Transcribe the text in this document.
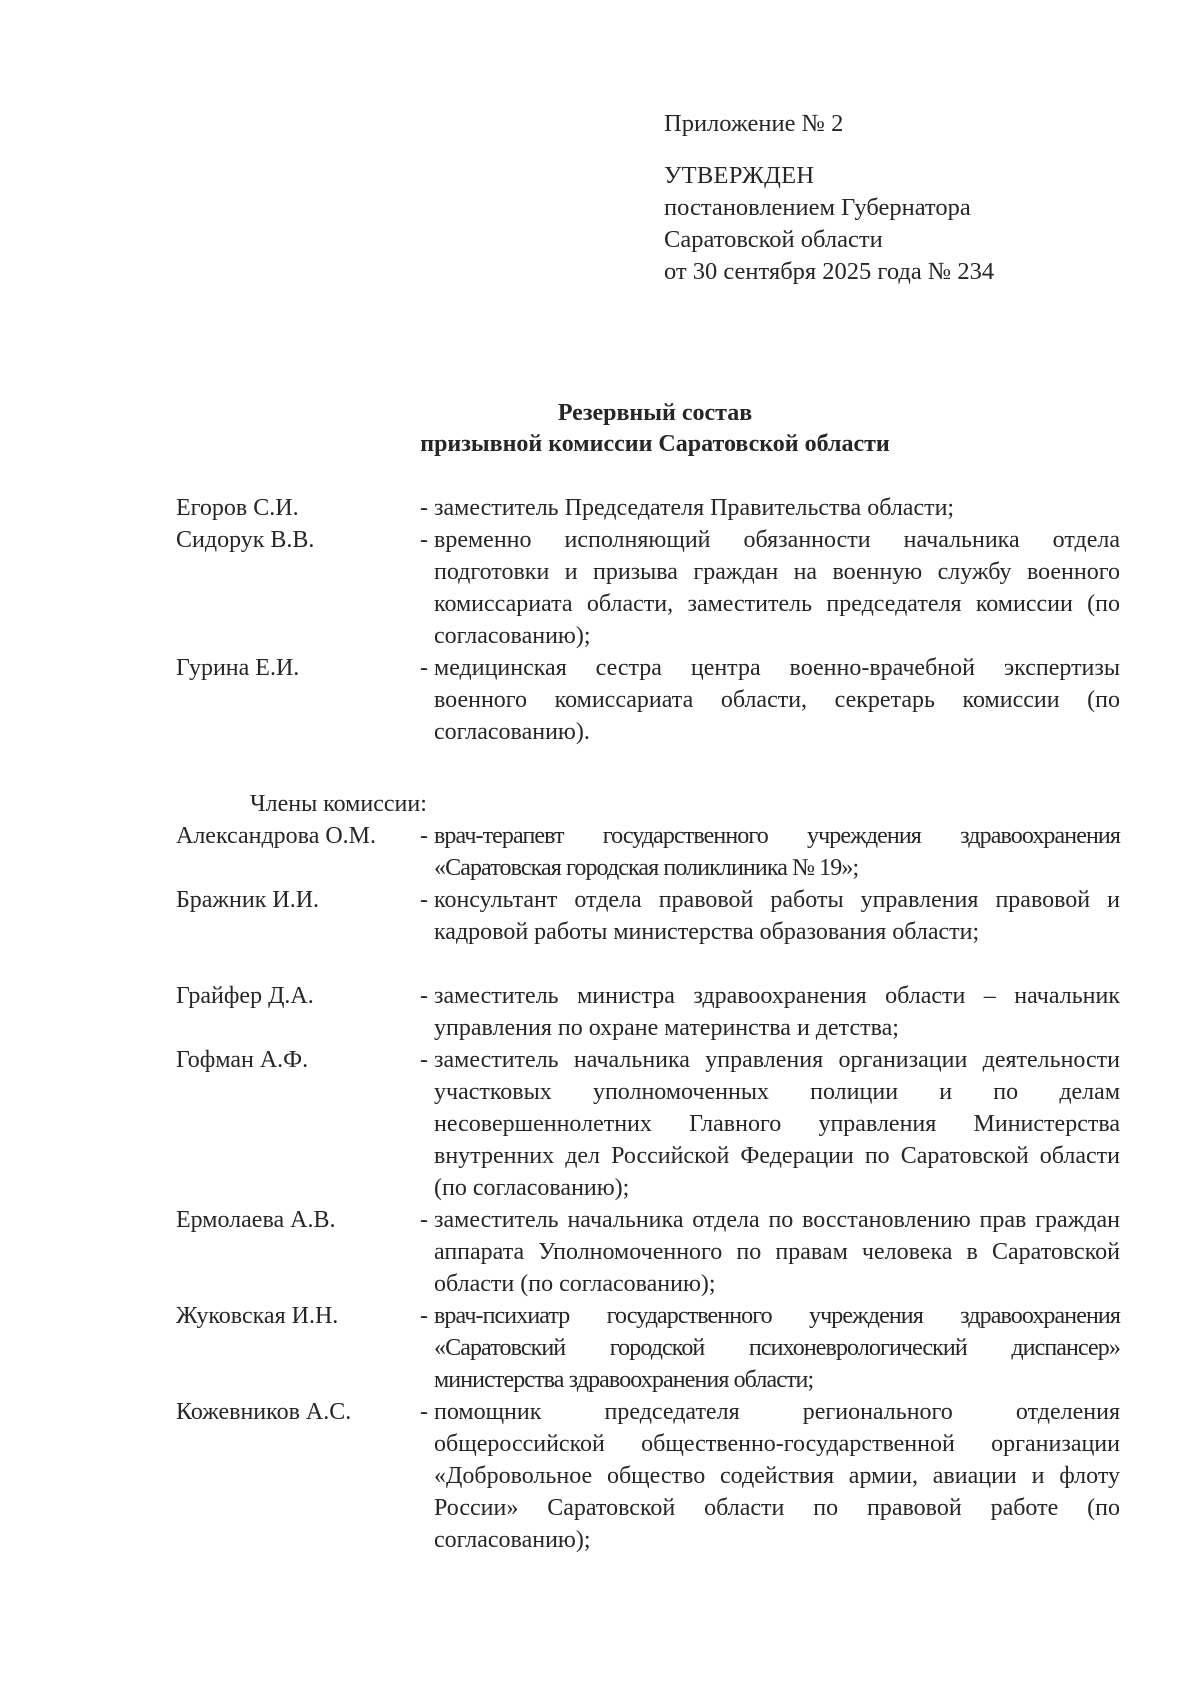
Приложение № 2
УТВЕРЖДЕН
постановлением Губернатора
Саратовской области
от 30 сентября 2025 года № 234
Резервный состав
призывной комиссии Саратовской области
Егоров С.И.	- заместитель Председателя Правительства области;
Сидорук В.В.	- временно исполняющий обязанности начальника отдела подготовки и призыва граждан на военную службу военного комиссариата области, заместитель председателя комиссии (по согласованию);
Гурина Е.И.	- медицинская сестра центра военно-врачебной экспертизы военного комиссариата области, секретарь комиссии (по согласованию).
Члены комиссии:
Александрова О.М. - врач-терапевт государственного учреждения здравоохранения «Саратовская городская поликлиника № 19»;
Бражник И.И.	- консультант отдела правовой работы управления правовой и кадровой работы министерства образования области;
Грайфер Д.А.	- заместитель министра здравоохранения области – начальник управления по охране материнства и детства;
Гофман А.Ф.	- заместитель начальника управления организации деятельности участковых уполномоченных полиции и по делам несовершеннолетних Главного управления Министерства внутренних дел Российской Федерации по Саратовской области (по согласованию);
Ермолаева А.В.	- заместитель начальника отдела по восстановлению прав граждан аппарата Уполномоченного по правам человека в Саратовской области (по согласованию);
Жуковская И.Н.	- врач-психиатр государственного учреждения здравоохранения «Саратовский городской психоневрологический диспансер» министерства здравоохранения области;
Кожевников А.С.	- помощник председателя регионального отделения общероссийской общественно-государственной организации «Добровольное общество содействия армии, авиации и флоту России» Саратовской области по правовой работе (по согласованию);
